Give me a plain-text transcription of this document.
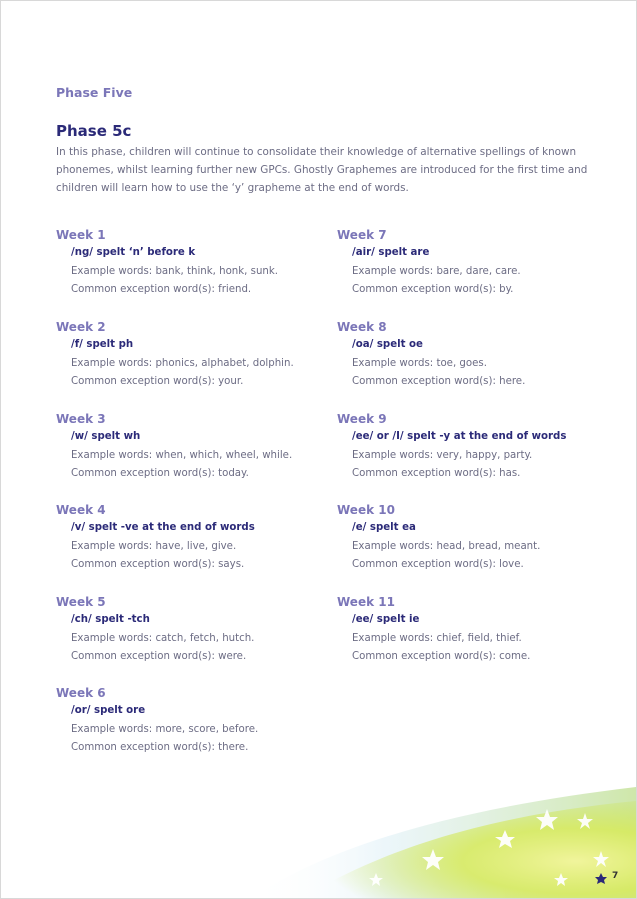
Phase Five
Phase 5c
In this phase, children will continue to consolidate their knowledge of alternative spellings of known phonemes, whilst learning further new GPCs. Ghostly Graphemes are introduced for the first time and children will learn how to use the ‘y’ grapheme at the end of words.
Week 1
/ng/ spelt ‘n’ before k
Example words: bank, think, honk, sunk.
Common exception word(s): friend.
Week 2
/f/ spelt ph
Example words: phonics, alphabet, dolphin.
Common exception word(s): your.
Week 3
/w/ spelt wh
Example words: when, which, wheel, while.
Common exception word(s): today.
Week 4
/v/ spelt -ve at the end of words
Example words: have, live, give.
Common exception word(s): says.
Week 5
/ch/ spelt -tch
Example words: catch, fetch, hutch.
Common exception word(s): were.
Week 6
/or/ spelt ore
Example words: more, score, before.
Common exception word(s): there.
Week 7
/air/ spelt are
Example words: bare, dare, care.
Common exception word(s): by.
Week 8
/oa/ spelt oe
Example words: toe, goes.
Common exception word(s): here.
Week 9
/ee/ or /I/ spelt -y at the end of words
Example words: very, happy, party.
Common exception word(s): has.
Week 10
/e/ spelt ea
Example words: head, bread, meant.
Common exception word(s): love.
Week 11
/ee/ spelt ie
Example words: chief, field, thief.
Common exception word(s): come.
7
